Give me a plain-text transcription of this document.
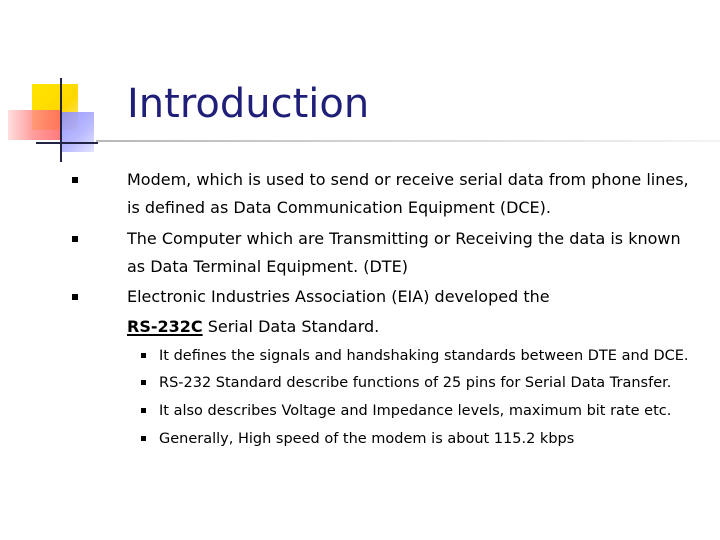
Introduction
Modem, which is used to send or receive serial data from phone lines, is defined as Data Communication Equipment (DCE).
The Computer which are Transmitting or Receiving the data is known as Data Terminal Equipment. (DTE)
Electronic Industries Association (EIA) developed the
RS-232C Serial Data Standard.
It defines the signals and handshaking standards between DTE and DCE.
RS-232 Standard describe functions of 25 pins for Serial Data Transfer.
It also describes Voltage and Impedance levels, maximum bit rate etc.
Generally, High speed of the modem is about 115.2 kbps
